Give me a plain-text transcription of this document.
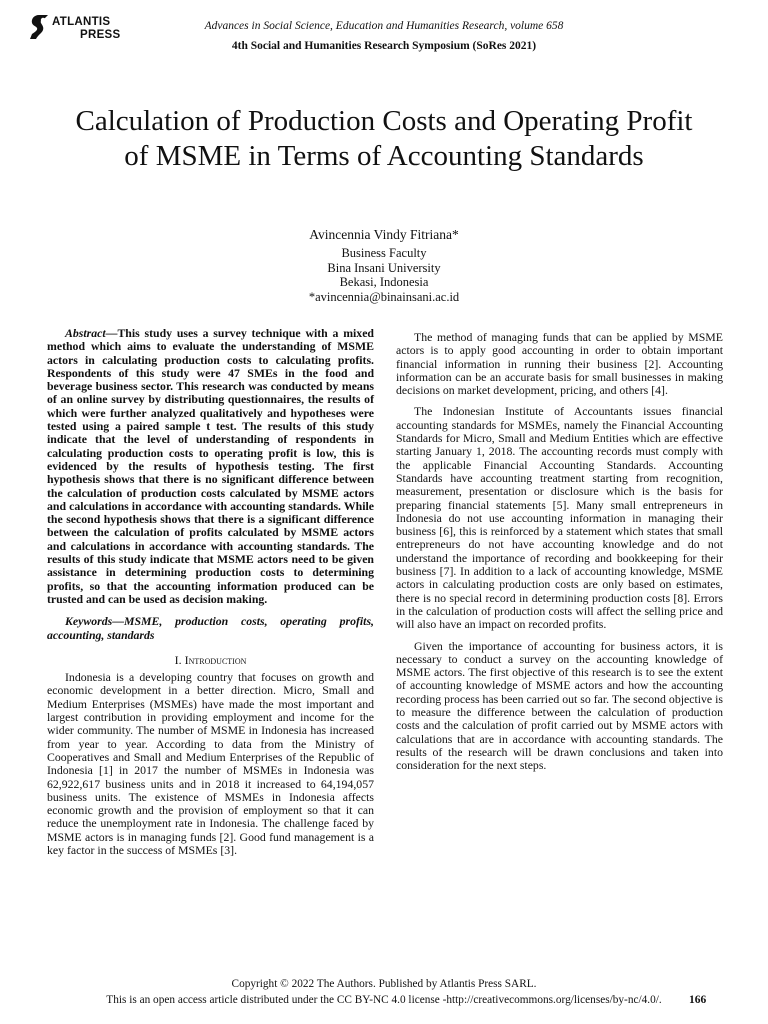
ATLANTIS
PRESS
Advances in Social Science, Education and Humanities Research, volume 658
4th Social and Humanities Research Symposium (SoRes 2021)
Calculation of Production Costs and Operating Profit
of MSME in Terms of Accounting Standards
Avincennia Vindy Fitriana*
Business Faculty
Bina Insani University
Bekasi, Indonesia
*avincennia@binainsani.ac.id

Abstract—This study uses a survey technique with a mixed method which aims to evaluate the understanding of MSME actors in calculating production costs to calculating profits. Respondents of this study were 47 SMEs in the food and beverage business sector. This research was conducted by means of an online survey by distributing questionnaires, the results of which were further analyzed qualitatively and hypotheses were tested using a paired sample t test. The results of this study indicate that the level of understanding of respondents in calculating production costs to operating profit is low, this is evidenced by the results of hypothesis testing. The first hypothesis shows that there is no significant difference between the calculation of production costs calculated by MSME actors and calculations in accordance with accounting standards. While the second hypothesis shows that there is a significant difference between the calculation of profits calculated by MSME actors and calculations in accordance with accounting standards. The results of this study indicate that MSME actors need to be given assistance in determining production costs to determining profits, so that the accounting information produced can be trusted and can be used as decision making.

Keywords—MSME, production costs, operating profits, accounting, standards

I. Introduction

Indonesia is a developing country that focuses on growth and economic development in a better direction. Micro, Small and Medium Enterprises (MSMEs) have made the most important and largest contribution in providing employment and income for the wider community. The number of MSME in Indonesia has increased from year to year. According to data from the Ministry of Cooperatives and Small and Medium Enterprises of the Republic of Indonesia [1] in 2017 the number of MSMEs in Indonesia was 62,922,617 business units and in 2018 it increased to 64,194,057 business units. The existence of MSMEs in Indonesia affects economic growth and the provision of employment so that it can reduce the unemployment rate in Indonesia. The challenge faced by MSME actors is in managing funds [2]. Good fund management is a key factor in the success of MSMEs [3].

The method of managing funds that can be applied by MSME actors is to apply good accounting in order to obtain important financial information in running their business [2]. Accounting information can be an accurate basis for small businesses in making decisions on market development, pricing, and others [4].

The Indonesian Institute of Accountants issues financial accounting standards for MSMEs, namely the Financial Accounting Standards for Micro, Small and Medium Entities which are effective starting January 1, 2018. The accounting records must comply with the applicable Financial Accounting Standards. Accounting Standards have accounting treatment starting from recognition, measurement, presentation or disclosure which is the basis for preparing financial statements [5]. Many small entrepreneurs in Indonesia do not use accounting information in managing their business [6], this is reinforced by a statement which states that small entrepreneurs do not have accounting knowledge and do not understand the importance of recording and bookkeeping for their business [7]. In addition to a lack of accounting knowledge, MSME actors in calculating production costs are only based on estimates, there is no special record in determining production costs [8]. Errors in the calculation of production costs will affect the selling price and will also have an impact on recorded profits.

Given the importance of accounting for business actors, it is necessary to conduct a survey on the accounting knowledge of MSME actors. The first objective of this research is to see the extent of accounting knowledge of MSME actors and how the accounting recording process has been carried out so far. The second objective is to measure the difference between the calculation of production costs and the calculation of profit carried out by MSME actors with calculations that are in accordance with accounting standards. The results of the research will be drawn conclusions and taken into consideration for the next steps.

Copyright © 2022 The Authors. Published by Atlantis Press SARL.
This is an open access article distributed under the CC BY-NC 4.0 license -http://creativecommons.org/licenses/by-nc/4.0/.	166
